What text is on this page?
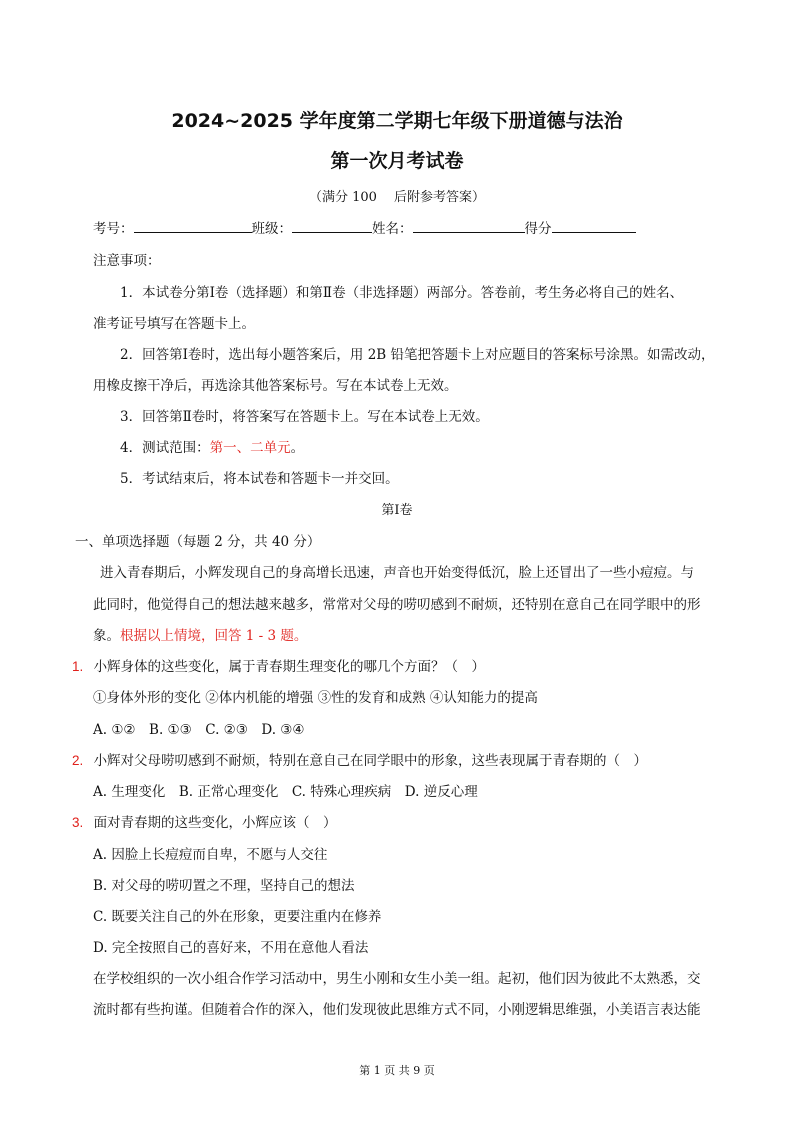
2024~2025 学年度第二学期七年级下册道德与法治
第一次月考试卷
（满分 100　 后附参考答案）
考号：	班级：	姓名：	得分
注意事项：
1．本试卷分第Ⅰ卷（选择题）和第Ⅱ卷（非选择题）两部分。答卷前，考生务必将自己的姓名、
准考证号填写在答题卡上。
2．回答第Ⅰ卷时，选出每小题答案后，用 2B 铅笔把答题卡上对应题目的答案标号涂黑。如需改动，
用橡皮擦干净后，再选涂其他答案标号。写在本试卷上无效。
3．回答第Ⅱ卷时，将答案写在答题卡上。写在本试卷上无效。
4．测试范围：第一、二单元。
5．考试结束后，将本试卷和答题卡一并交回。
第Ⅰ卷
一、单项选择题（每题 2 分，共 40 分）
进入青春期后，小辉发现自己的身高增长迅速，声音也开始变得低沉，脸上还冒出了一些小痘痘。与
此同时，他觉得自己的想法越来越多，常常对父母的唠叨感到不耐烦，还特别在意自己在同学眼中的形
象。根据以上情境，回答 1 - 3 题。
1. 小辉身体的这些变化，属于青春期生理变化的哪几个方面？（　）
①身体外形的变化 ②体内机能的增强 ③性的发育和成熟 ④认知能力的提高
A. ①②　B. ①③　C. ②③　D. ③④
2. 小辉对父母唠叨感到不耐烦，特别在意自己在同学眼中的形象，这些表现属于青春期的（　）
A. 生理变化　B. 正常心理变化　C. 特殊心理疾病　D. 逆反心理
3. 面对青春期的这些变化，小辉应该（　）
A. 因脸上长痘痘而自卑，不愿与人交往
B. 对父母的唠叨置之不理，坚持自己的想法
C. 既要关注自己的外在形象，更要注重内在修养
D. 完全按照自己的喜好来，不用在意他人看法
在学校组织的一次小组合作学习活动中，男生小刚和女生小美一组。起初，他们因为彼此不太熟悉，交
流时都有些拘谨。但随着合作的深入，他们发现彼此思维方式不同，小刚逻辑思维强，小美语言表达能
第 1 页 共 9 页
